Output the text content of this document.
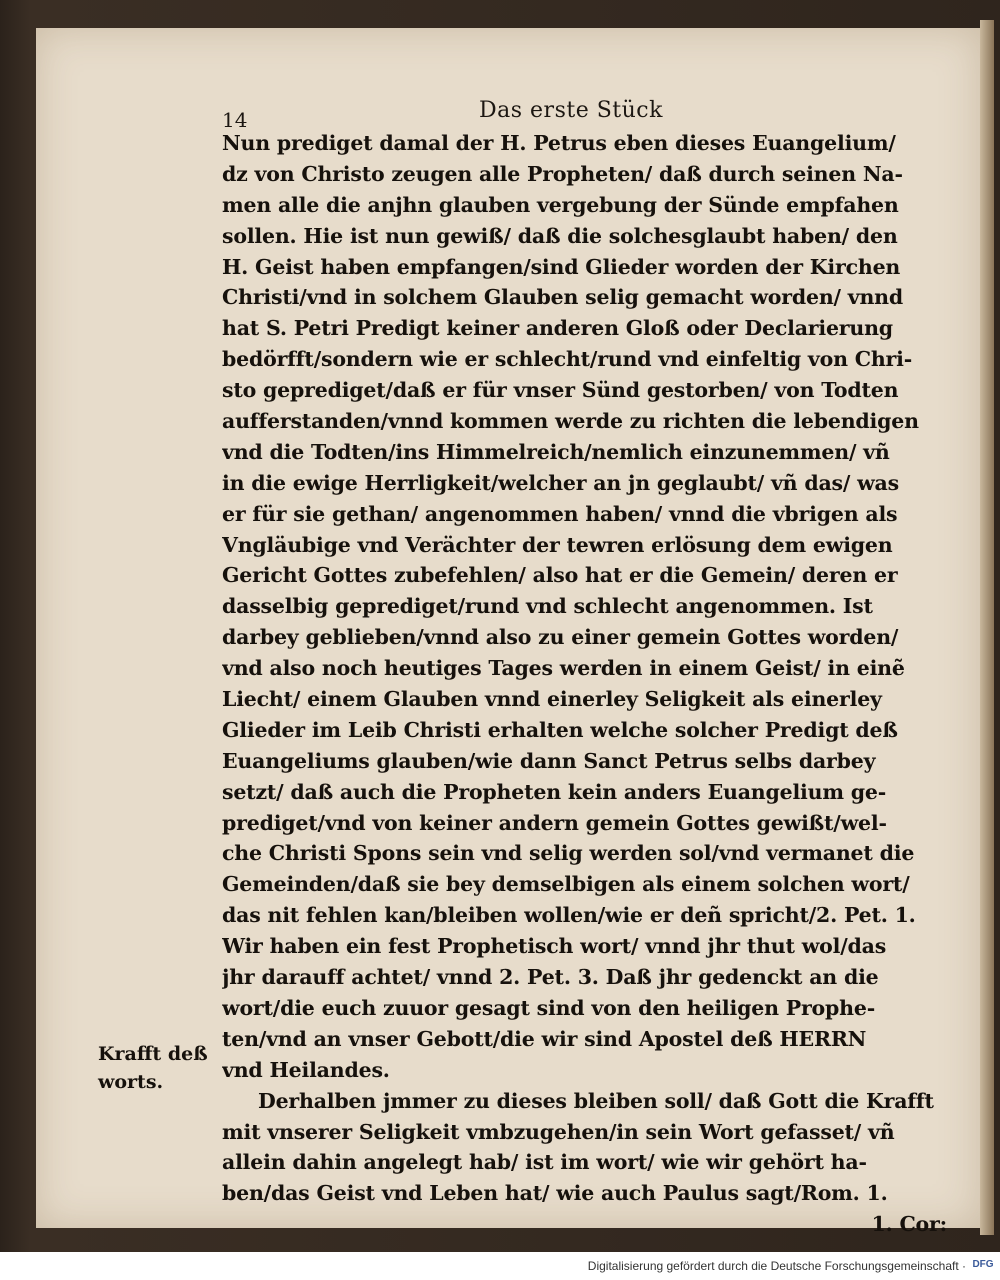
14	Das erste Stück
Nun prediget damal der H. Petrus eben dieses Euangelium/
dz von Christo zeugen alle Propheten/ daß durch seinen Na-
men alle die anjhn glauben vergebung der Sünde empfahen
sollen. Hie ist nun gewiß/ daß die solchesglaubt haben/ den
H. Geist haben empfangen/sind Glieder worden der Kirchen
Christi/vnd in solchem Glauben selig gemacht worden/ vnnd
hat S. Petri Predigt keiner anderen Gloß oder Declarierung
bedörfft/sondern wie er schlecht/rund vnd einfeltig von Chri-
sto geprediget/daß er für vnser Sünd gestorben/ von Todten
aufferstanden/vnnd kommen werde zu richten die lebendigen
vnd die Todten/ins Himmelreich/nemlich einzunemmen/ vñ
in die ewige Herrligkeit/welcher an jn geglaubt/ vñ das/ was
er für sie gethan/ angenommen haben/ vnnd die vbrigen als
Vngläubige vnd Verächter der tewren erlösung dem ewigen
Gericht Gottes zubefehlen/ also hat er die Gemein/ deren er
dasselbig geprediget/rund vnd schlecht angenommen. Ist
darbey geblieben/vnnd also zu einer gemein Gottes worden/
vnd also noch heutiges Tages werden in einem Geist/ in einẽ
Liecht/ einem Glauben vnnd einerley Seligkeit als einerley
Glieder im Leib Christi erhalten welche solcher Predigt deß
Euangeliums glauben/wie dann Sanct Petrus selbs darbey
setzt/ daß auch die Propheten kein anders Euangelium ge-
prediget/vnd von keiner andern gemein Gottes gewißt/wel-
che Christi Spons sein vnd selig werden sol/vnd vermanet die
Gemeinden/daß sie bey demselbigen als einem solchen wort/
das nit fehlen kan/bleiben wollen/wie er deñ spricht/2. Pet. 1.
Wir haben ein fest Prophetisch wort/ vnnd jhr thut wol/das
jhr darauff achtet/ vnnd 2. Pet. 3. Daß jhr gedenckt an die
wort/die euch zuuor gesagt sind von den heiligen Prophe-
ten/vnd an vnser Gebott/die wir sind Apostel deß HERRN
vnd Heilandes.
Derhalben jmmer zu dieses bleiben soll/ daß Gott die Krafft
mit vnserer Seligkeit vmbzugehen/in sein Wort gefasset/ vñ
allein dahin angelegt hab/ ist im wort/ wie wir gehört ha-
ben/das Geist vnd Leben hat/ wie auch Paulus sagt/Rom. 1.
1. Cor:
Krafft deß
worts.
Digitalisierung gefördert durch die Deutsche Forschungsgemeinschaft · DFG
